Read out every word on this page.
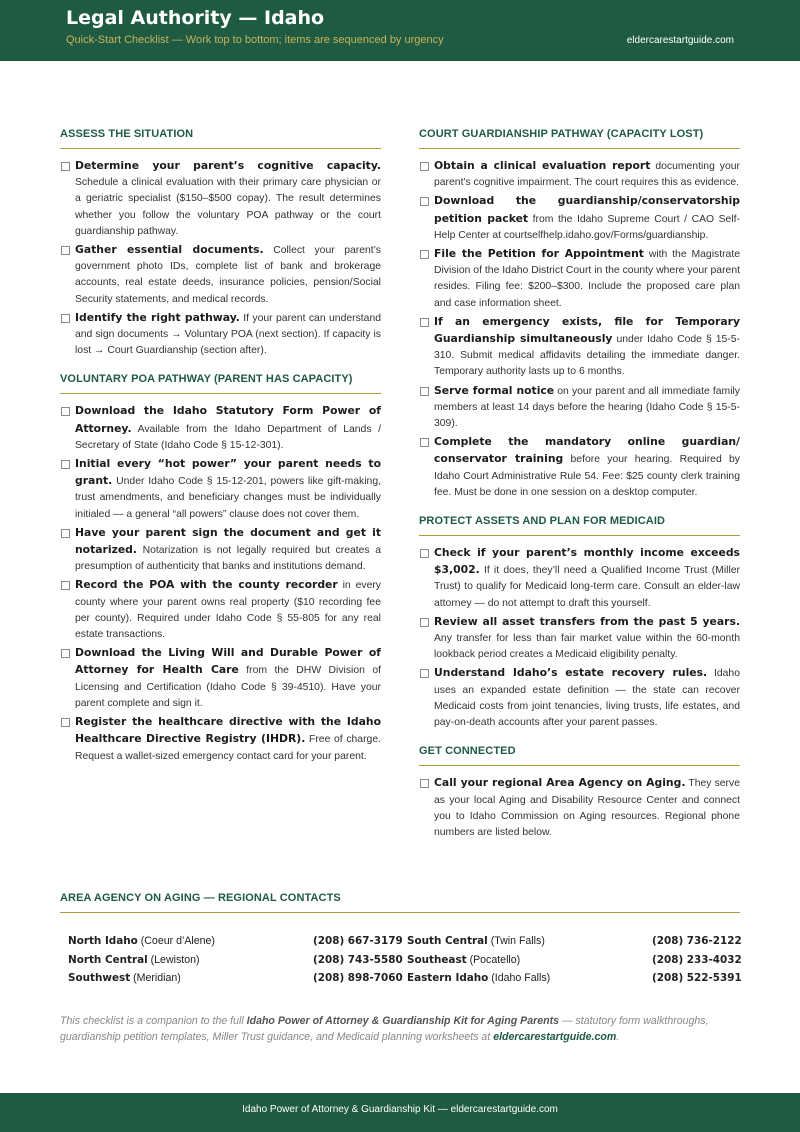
Legal Authority — Idaho
Quick-Start Checklist — Work top to bottom; items are sequenced by urgency	eldercarestartguide.com
ASSESS THE SITUATION
Determine your parent’s cognitive capacity. Schedule a clinical evaluation with their primary care physician or a geriatric specialist ($150–$500 copay). The result determines whether you follow the voluntary POA pathway or the court guardianship pathway.
Gather essential documents. Collect your parent’s government photo IDs, complete list of bank and brokerage accounts, real estate deeds, insurance policies, pension/Social Security statements, and medical records.
Identify the right pathway. If your parent can understand and sign documents → Voluntary POA (next section). If capacity is lost → Court Guardianship (section after).
VOLUNTARY POA PATHWAY (PARENT HAS CAPACITY)
Download the Idaho Statutory Form Power of Attorney. Available from the Idaho Department of Lands / Secretary of State (Idaho Code § 15-12-301).
Initial every “hot power” your parent needs to grant. Under Idaho Code § 15-12-201, powers like gift-making, trust amendments, and beneficiary changes must be individually initialed — a general “all powers” clause does not cover them.
Have your parent sign the document and get it notarized. Notarization is not legally required but creates a presumption of authenticity that banks and institutions demand.
Record the POA with the county recorder in every county where your parent owns real property ($10 recording fee per county). Required under Idaho Code § 55-805 for any real estate transactions.
Download the Living Will and Durable Power of Attorney for Health Care from the DHW Division of Licensing and Certification (Idaho Code § 39-4510). Have your parent complete and sign it.
Register the healthcare directive with the Idaho Healthcare Directive Registry (IHDR). Free of charge. Request a wallet-sized emergency contact card for your parent.
COURT GUARDIANSHIP PATHWAY (CAPACITY LOST)
Obtain a clinical evaluation report documenting your parent's cognitive impairment. The court requires this as evidence.
Download the guardianship/conservatorship petition packet from the Idaho Supreme Court / CAO Self-Help Center at courtselfhelp.idaho.gov/Forms/guardianship.
File the Petition for Appointment with the Magistrate Division of the Idaho District Court in the county where your parent resides. Filing fee: $200–$300. Include the proposed care plan and case information sheet.
If an emergency exists, file for Temporary Guardianship simultaneously under Idaho Code § 15-5-310. Submit medical affidavits detailing the immediate danger. Temporary authority lasts up to 6 months.
Serve formal notice on your parent and all immediate family members at least 14 days before the hearing (Idaho Code § 15-5-309).
Complete the mandatory online guardian/ conservator training before your hearing. Required by Idaho Court Administrative Rule 54. Fee: $25 county clerk training fee. Must be done in one session on a desktop computer.
PROTECT ASSETS AND PLAN FOR MEDICAID
Check if your parent’s monthly income exceeds $3,002. If it does, they’ll need a Qualified Income Trust (Miller Trust) to qualify for Medicaid long-term care. Consult an elder-law attorney — do not attempt to draft this yourself.
Review all asset transfers from the past 5 years. Any transfer for less than fair market value within the 60-month lookback period creates a Medicaid eligibility penalty.
Understand Idaho’s estate recovery rules. Idaho uses an expanded estate definition — the state can recover Medicaid costs from joint tenancies, living trusts, life estates, and pay-on-death accounts after your parent passes.
GET CONNECTED
Call your regional Area Agency on Aging. They serve as your local Aging and Disability Resource Center and connect you to Idaho Commission on Aging resources. Regional phone numbers are listed below.
AREA AGENCY ON AGING — REGIONAL CONTACTS
North Idaho (Coeur d’Alene)	(208) 667-3179 South Central (Twin Falls)	(208) 736-2122
North Central (Lewiston)	(208) 743-5580 Southeast (Pocatello)	(208) 233-4032
Southwest (Meridian)	(208) 898-7060 Eastern Idaho (Idaho Falls)	(208) 522-5391
This checklist is a companion to the full Idaho Power of Attorney & Guardianship Kit for Aging Parents — statutory form walkthroughs, guardianship petition templates, Miller Trust guidance, and Medicaid planning worksheets at eldercarestartguide.com.
Idaho Power of Attorney & Guardianship Kit — eldercarestartguide.com
